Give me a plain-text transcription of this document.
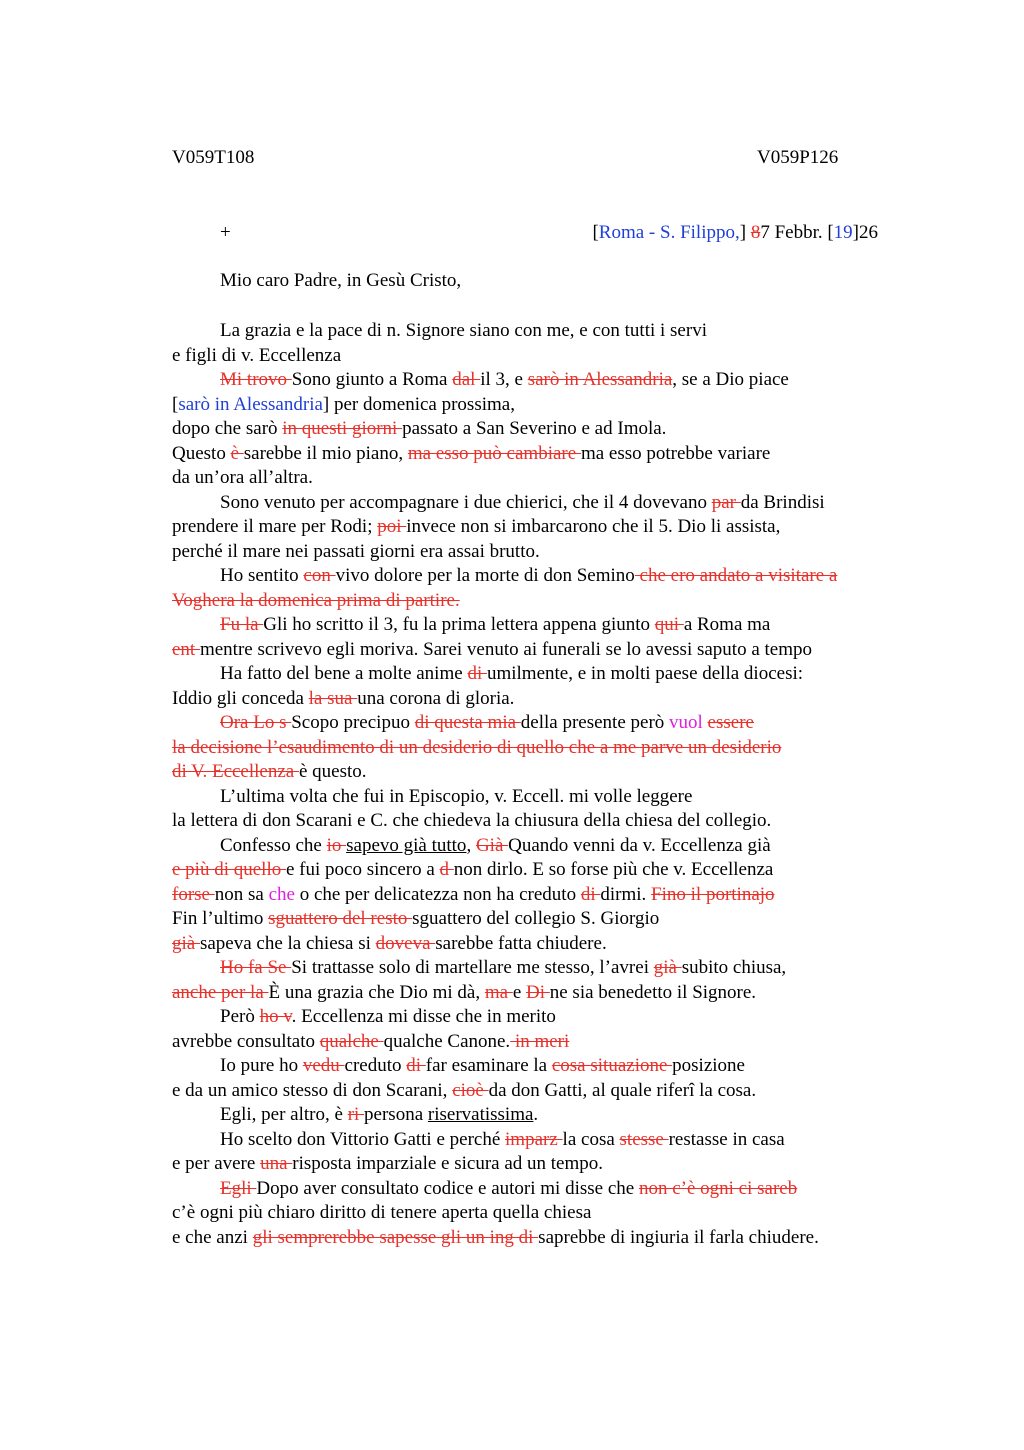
V059T108	V059P126
+	[Roma - S. Filippo,] 87 Febbr. [19]26
Mio caro Padre, in Gesù Cristo,
La grazia e la pace di n. Signore siano con me, e con tutti i servi
e figli di v. Eccellenza
Mi trovo Sono giunto a Roma dal il 3, e sarò in Alessandria, se a Dio piace
[sarò in Alessandria] per domenica prossima,
dopo che sarò in questi giorni passato a San Severino e ad Imola.
Questo è sarebbe il mio piano, ma esso può cambiare ma esso potrebbe variare
da un’ora all’altra.
Sono venuto per accompagnare i due chierici, che il 4 dovevano par da Brindisi
prendere il mare per Rodi; poi invece non si imbarcarono che il 5. Dio li assista,
perché il mare nei passati giorni era assai brutto.
Ho sentito con vivo dolore per la morte di don Semino che ero andato a visitare a
Voghera la domenica prima di partire.
Fu la Gli ho scritto il 3, fu la prima lettera appena giunto qui a Roma ma
ent mentre scrivevo egli moriva. Sarei venuto ai funerali se lo avessi saputo a tempo
Ha fatto del bene a molte anime di umilmente, e in molti paese della diocesi:
Iddio gli conceda la sua una corona di gloria.
Ora Lo s Scopo precipuo di questa mia della presente però vuol essere
la decisione l’esaudimento di un desiderio di quello che a me parve un desiderio
di V. Eccellenza è questo.
L’ultima volta che fui in Episcopio, v. Eccell. mi volle leggere
la lettera di don Scarani e C. che chiedeva la chiusura della chiesa del collegio.
Confesso che io sapevo già tutto, Già Quando venni da v. Eccellenza già
e più di quello e fui poco sincero a d non dirlo. E so forse più che v. Eccellenza
forse non sa che o che per delicatezza non ha creduto di dirmi. Fino il portinajo
Fin l’ultimo sguattero del resto sguattero del collegio S. Giorgio
già sapeva che la chiesa si doveva sarebbe fatta chiudere.
Ho fa Se Si trattasse solo di martellare me stesso, l’avrei già subito chiusa,
anche per la È una grazia che Dio mi dà, ma e Di ne sia benedetto il Signore.
Però ho v. Eccellenza mi disse che in merito
avrebbe consultato qualche qualche Canone. in meri
Io pure ho vedu creduto di far esaminare la cosa situazione posizione
e da un amico stesso di don Scarani, cioè da don Gatti, al quale riferi la cosa.
Egli, per altro, è ri persona riservatissima.
Ho scelto don Vittorio Gatti e perché imparz la cosa stesse restasse in casa
e per avere una risposta imparziale e sicura ad un tempo.
Egli Dopo aver consultato codice e autori mi disse che non c’è ogni ci sareb
c’è ogni più chiaro diritto di tenere aperta quella chiesa
e che anzi gli semprerebbe sapesse gli un ing di saprebbe di ingiuria il farla chiudere.
